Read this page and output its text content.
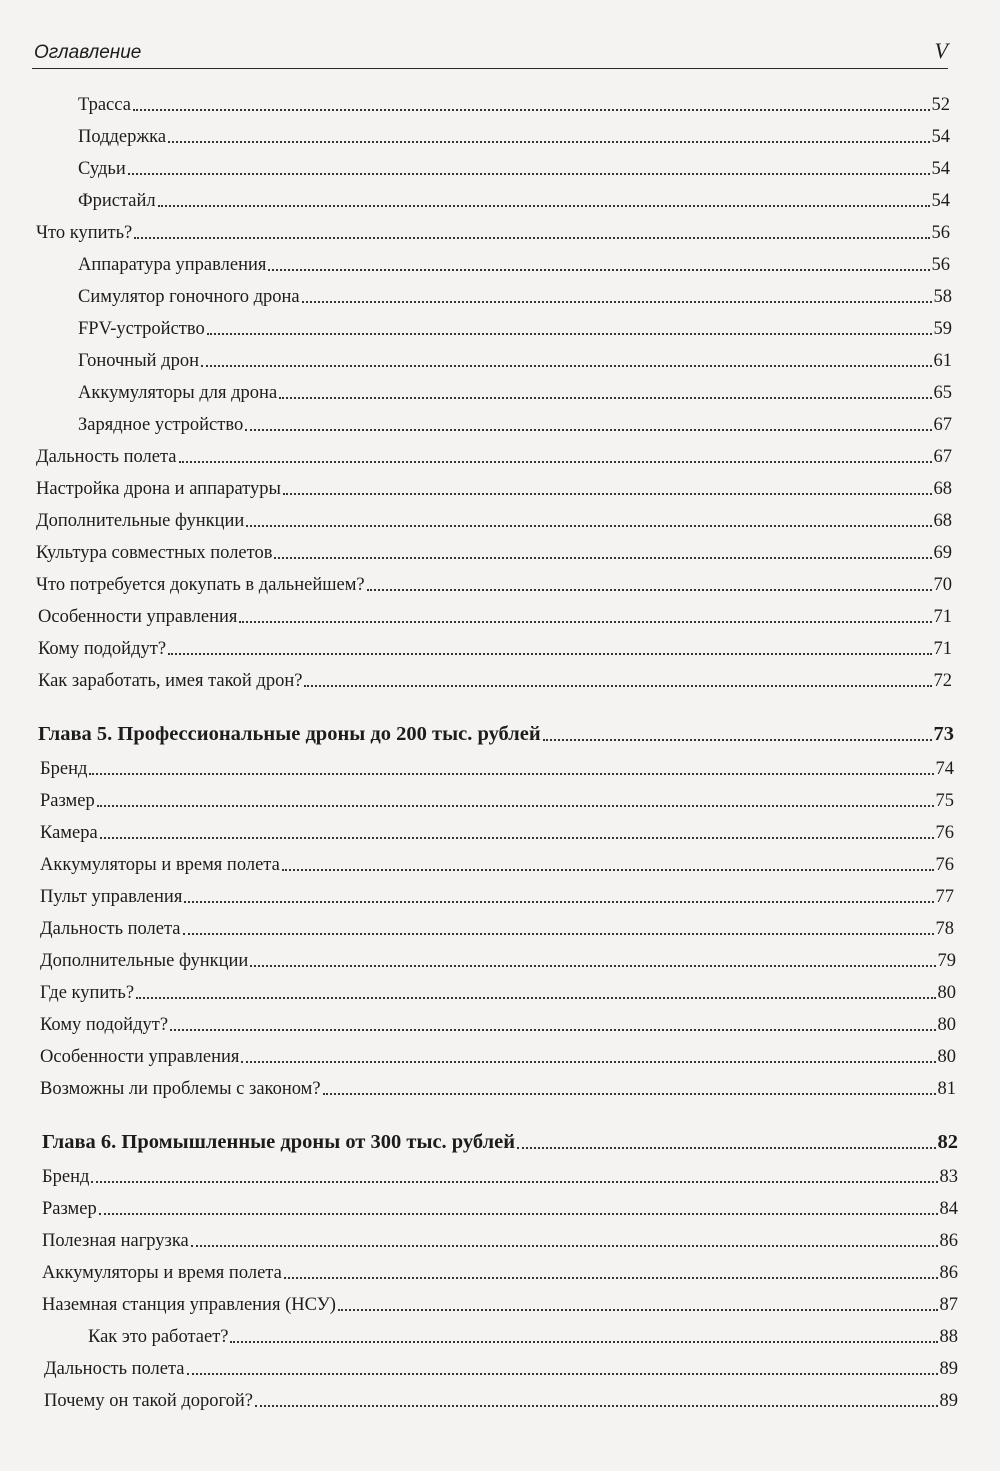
Оглавление	V
Трасса	52
Поддержка	54
Судьи	54
Фристайл	54
Что купить?	56
Аппаратура управления	56
Симулятор гоночного дрона	58
FPV-устройство	59
Гоночный дрон	61
Аккумуляторы для дрона	65
Зарядное устройство	67
Дальность полета	67
Настройка дрона и аппаратуры	68
Дополнительные функции	68
Культура совместных полетов	69
Что потребуется докупать в дальнейшем?	70
Особенности управления	71
Кому подойдут?	71
Как заработать, имея такой дрон?	72
Глава 5. Профессиональные дроны до 200 тыс. рублей	73
Бренд	74
Размер	75
Камера	76
Аккумуляторы и время полета	76
Пульт управления	77
Дальность полета	78
Дополнительные функции	79
Где купить?	80
Кому подойдут?	80
Особенности управления	80
Возможны ли проблемы с законом?	81
Глава 6. Промышленные дроны от 300 тыс. рублей	82
Бренд	83
Размер	84
Полезная нагрузка	86
Аккумуляторы и время полета	86
Наземная станция управления (НСУ)	87
Как это работает?	88
Дальность полета	89
Почему он такой дорогой?	89
